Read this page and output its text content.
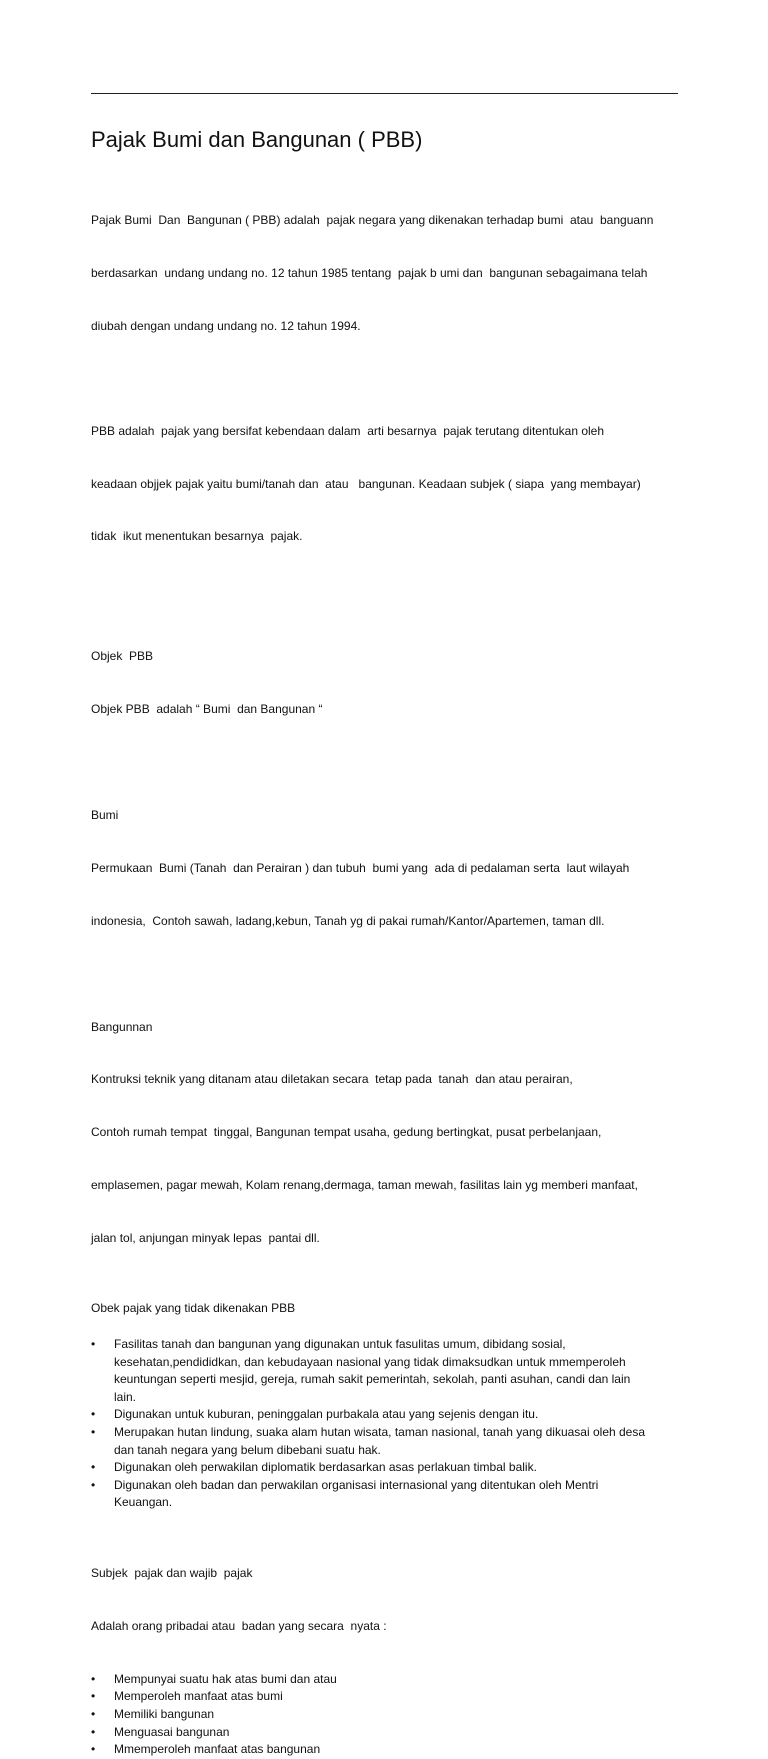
Pajak Bumi dan Bangunan ( PBB)

Pajak Bumi  Dan  Bangunan ( PBB) adalah  pajak negara yang dikenakan terhadap bumi  atau  banguann

berdasarkan  undang undang no. 12 tahun 1985 tentang  pajak b umi dan  bangunan sebagaimana telah

diubah dengan undang undang no. 12 tahun 1994.

PBB adalah  pajak yang bersifat kebendaan dalam  arti besarnya  pajak terutang ditentukan oleh

keadaan objjek pajak yaitu bumi/tanah dan  atau   bangunan. Keadaan subjek ( siapa  yang membayar)

tidak  ikut menentukan besarnya  pajak.

Objek  PBB

Objek PBB  adalah “ Bumi  dan Bangunan “

Bumi

Permukaan  Bumi (Tanah  dan Perairan ) dan tubuh  bumi yang  ada di pedalaman serta  laut wilayah

indonesia,  Contoh sawah, ladang,kebun, Tanah yg di pakai rumah/Kantor/Apartemen, taman dll.

Bangunnan

Kontruksi teknik yang ditanam atau diletakan secara  tetap pada  tanah  dan atau perairan,

Contoh rumah tempat  tinggal, Bangunan tempat usaha, gedung bertingkat, pusat perbelanjaan,

emplasemen, pagar mewah, Kolam renang,dermaga, taman mewah, fasilitas lain yg memberi manfaat,

jalan tol, anjungan minyak lepas  pantai dll.

Obek pajak yang tidak dikenakan PBB

•	Fasilitas tanah dan bangunan yang digunakan untuk fasulitas umum, dibidang sosial,
kesehatan,pendididkan, dan kebudayaan nasional yang tidak dimaksudkan untuk mmemperoleh
keuntungan seperti mesjid, gereja, rumah sakit pemerintah, sekolah, panti asuhan, candi dan lain
lain.
•	Digunakan untuk kuburan, peninggalan purbakala atau yang sejenis dengan itu.
•	Merupakan hutan lindung, suaka alam hutan wisata, taman nasional, tanah yang dikuasai oleh desa
dan tanah negara yang belum dibebani suatu hak.
•	Digunakan oleh perwakilan diplomatik berdasarkan asas perlakuan timbal balik.
•	Digunakan oleh badan dan perwakilan organisasi internasional yang ditentukan oleh Mentri
Keuangan.

Subjek  pajak dan wajib  pajak

Adalah orang pribadai atau  badan yang secara  nyata :

•	Mempunyai suatu hak atas bumi dan atau
•	Memperoleh manfaat atas bumi
•	Memiliki bangunan
•	Menguasai bangunan
•	Mmemperoleh manfaat atas bangunan
